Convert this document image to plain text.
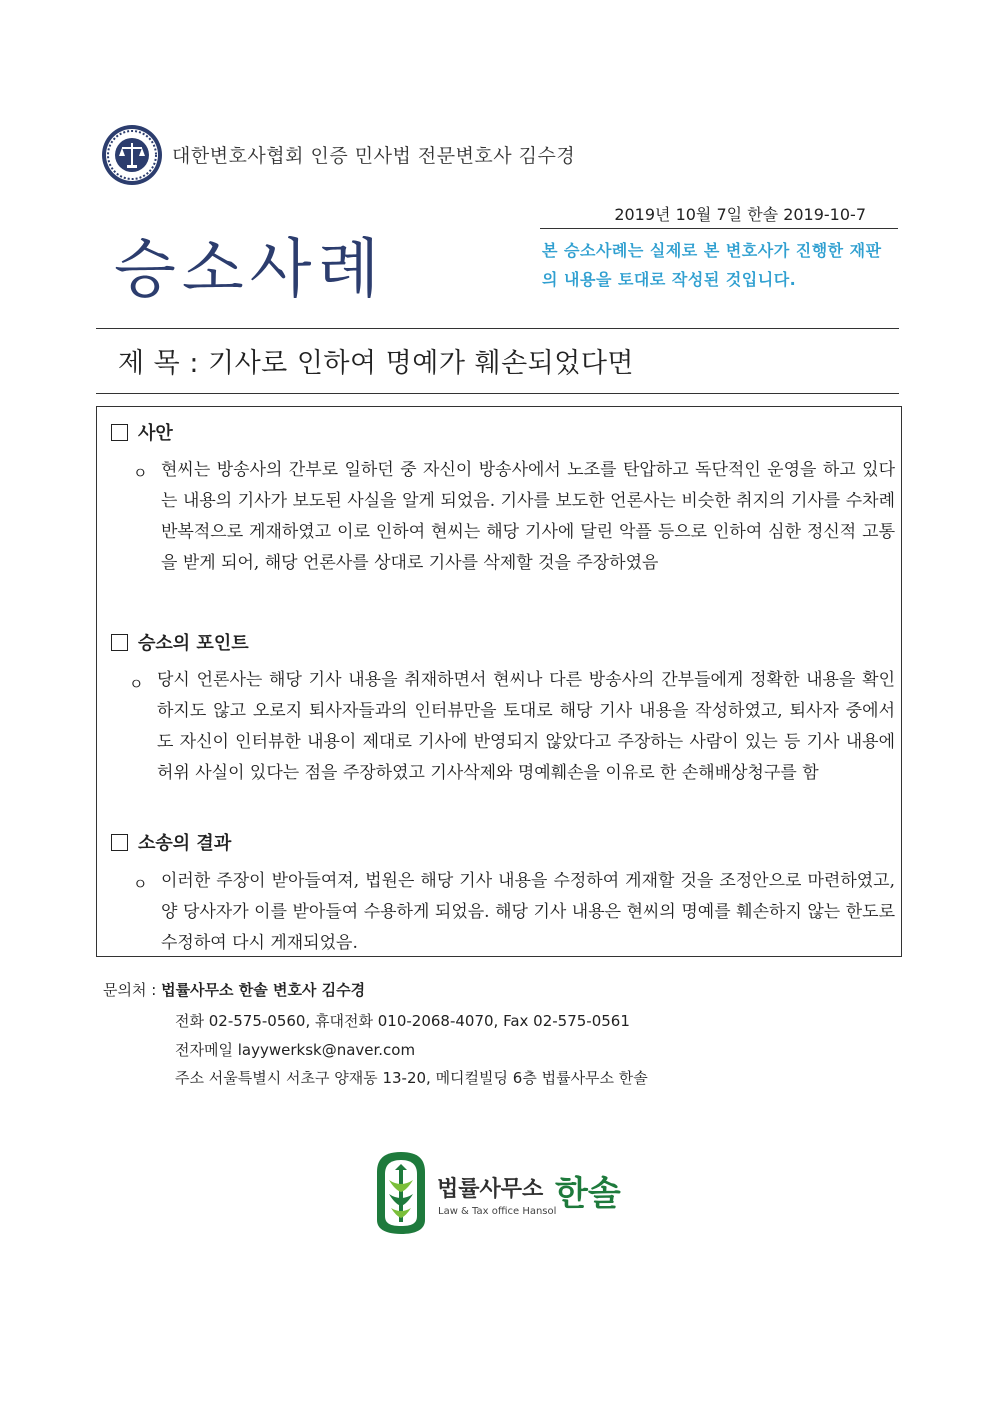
대한변호사협회 인증 민사법 전문변호사 김수경
2019년 10월 7일 한솔 2019-10-7
승소사례	본 승소사례는 실제로 본 변호사가 진행한 재판의 내용을 토대로 작성된 것입니다.
제 목 : 기사로 인하여 명예가 훼손되었다면
사안
ㅇ 현씨는 방송사의 간부로 일하던 중 자신이 방송사에서 노조를 탄압하고 독단적인 운영을 하고 있다는 내용의 기사가 보도된 사실을 알게 되었음. 기사를 보도한 언론사는 비슷한 취지의 기사를 수차례 반복적으로 게재하였고 이로 인하여 현씨는 해당 기사에 달린 악플 등으로 인하여 심한 정신적 고통을 받게 되어, 해당 언론사를 상대로 기사를 삭제할 것을 주장하였음
승소의 포인트
ㅇ 당시 언론사는 해당 기사 내용을 취재하면서 현씨나 다른 방송사의 간부들에게 정확한 내용을 확인하지도 않고 오로지 퇴사자들과의 인터뷰만을 토대로 해당 기사 내용을 작성하였고, 퇴사자 중에서도 자신이 인터뷰한 내용이 제대로 기사에 반영되지 않았다고 주장하는 사람이 있는 등 기사 내용에 허위 사실이 있다는 점을 주장하였고 기사삭제와 명예훼손을 이유로 한 손해배상청구를 함
소송의 결과
ㅇ 이러한 주장이 받아들여져, 법원은 해당 기사 내용을 수정하여 게재할 것을 조정안으로 마련하였고, 양 당사자가 이를 받아들여 수용하게 되었음. 해당 기사 내용은 현씨의 명예를 훼손하지 않는 한도로 수정하여 다시 게재되었음.
문의처 : 법률사무소 한솔 변호사 김수경
전화 02-575-0560, 휴대전화 010-2068-4070, Fax 02-575-0561
전자메일 layywerksk@naver.com
주소 서울특별시 서초구 양재동 13-20, 메디컬빌딩 6층 법률사무소 한솔
법률사무소 한솔
Law & Tax office Hansol
